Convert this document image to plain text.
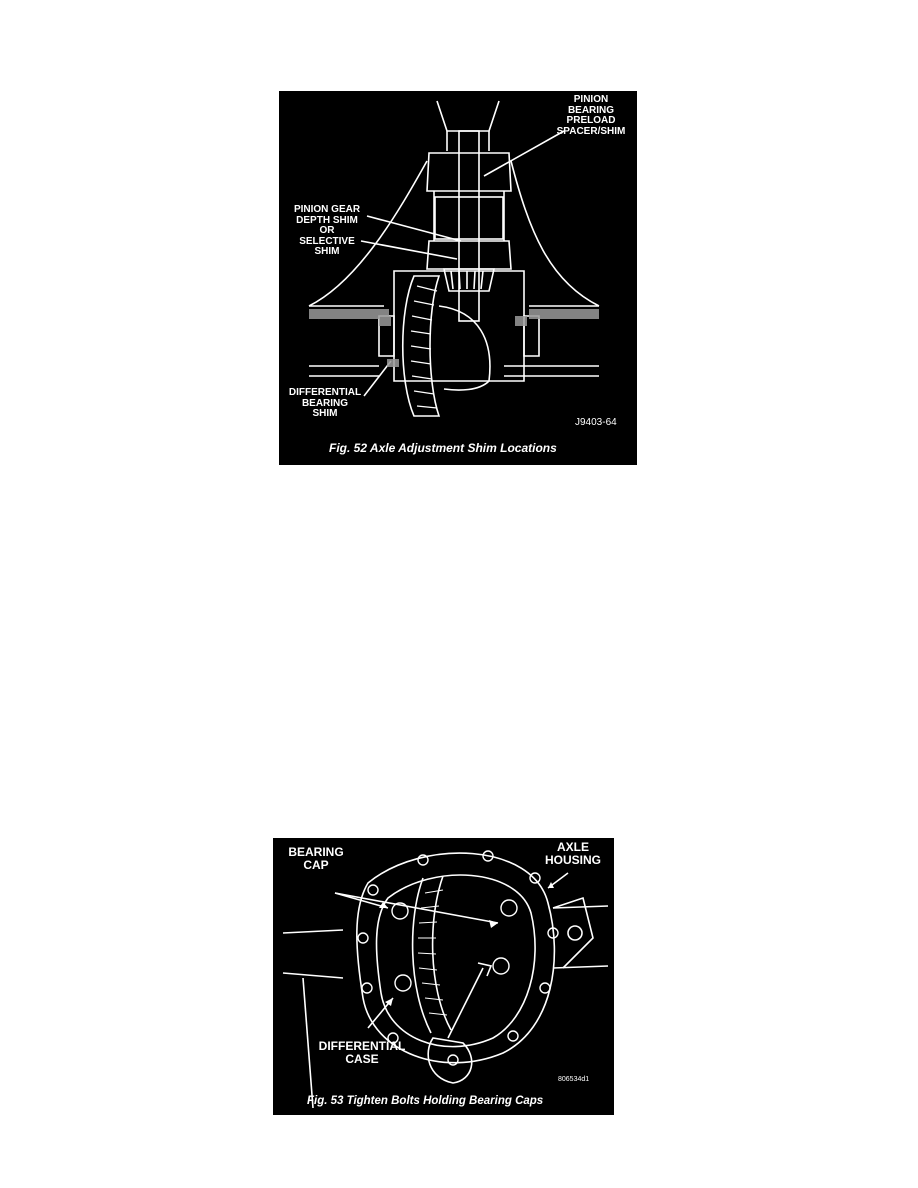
PINION
BEARING
PRELOAD
SPACER/SHIM
PINION GEAR
DEPTH SHIM
OR
SELECTIVE
SHIM
DIFFERENTIAL
BEARING
SHIM
J9403-64
Fig. 52 Axle Adjustment Shim Locations
BEARING
CAP
AXLE
HOUSING
DIFFERENTIAL
CASE
806534d1
Fig. 53 Tighten Bolts Holding Bearing Caps
